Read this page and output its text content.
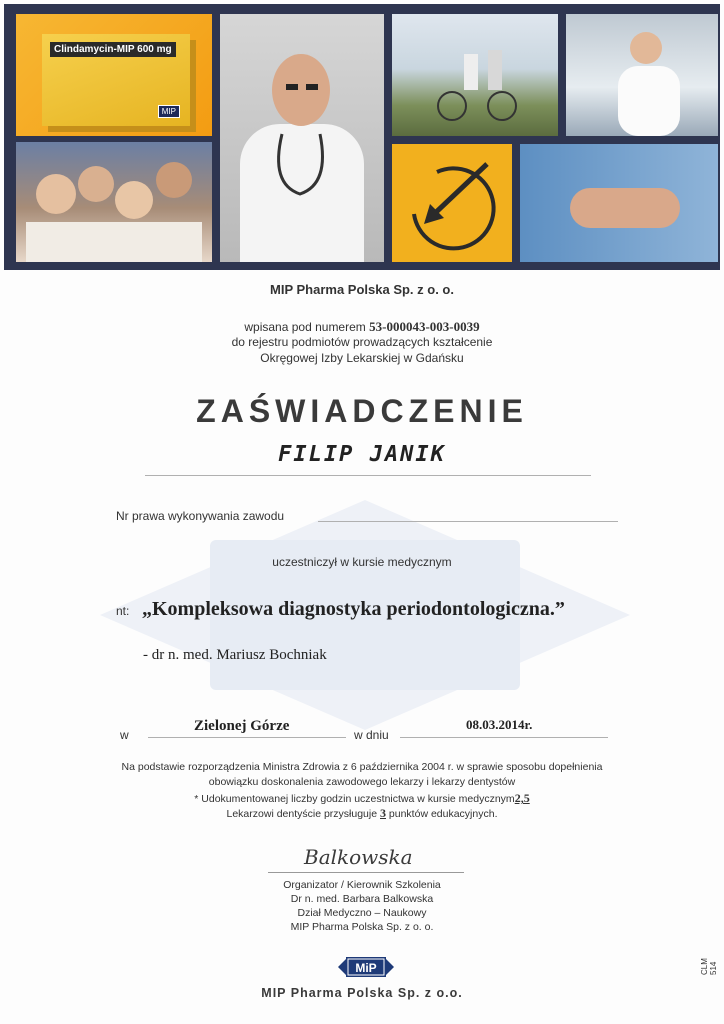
Clindamycin-MIP 600 mg
MIP
MIP Pharma Polska Sp. z o. o.
wpisana pod numerem 53-000043-003-0039
do rejestru podmiotów prowadzących kształcenie
Okręgowej Izby Lekarskiej w Gdańsku
ZAŚWIADCZENIE
FILIP JANIK
Nr prawa wykonywania zawodu
uczestniczył w kursie medycznym
nt: „Kompleksowa diagnostyka periodontologiczna.”
- dr n. med. Mariusz Bochniak
w
Zielonej Górze
w dniu
08.03.2014r.
Na podstawie rozporządzenia Ministra Zdrowia z 6 października 2004 r. w sprawie sposobu dopełnienia
obowiązku doskonalenia zawodowego lekarzy i lekarzy dentystów
* Udokumentowanej liczby godzin uczestnictwa w kursie medycznym2,5
Lekarzowi dentyście przysługuje 3 punktów edukacyjnych.
Balkowska
Organizator / Kierownik Szkolenia
Dr n. med. Barbara Balkowska
Dział Medyczno – Naukowy
MIP Pharma Polska Sp. z o. o.
MiP
MIP Pharma Polska Sp. z o.o.
CLM 514
